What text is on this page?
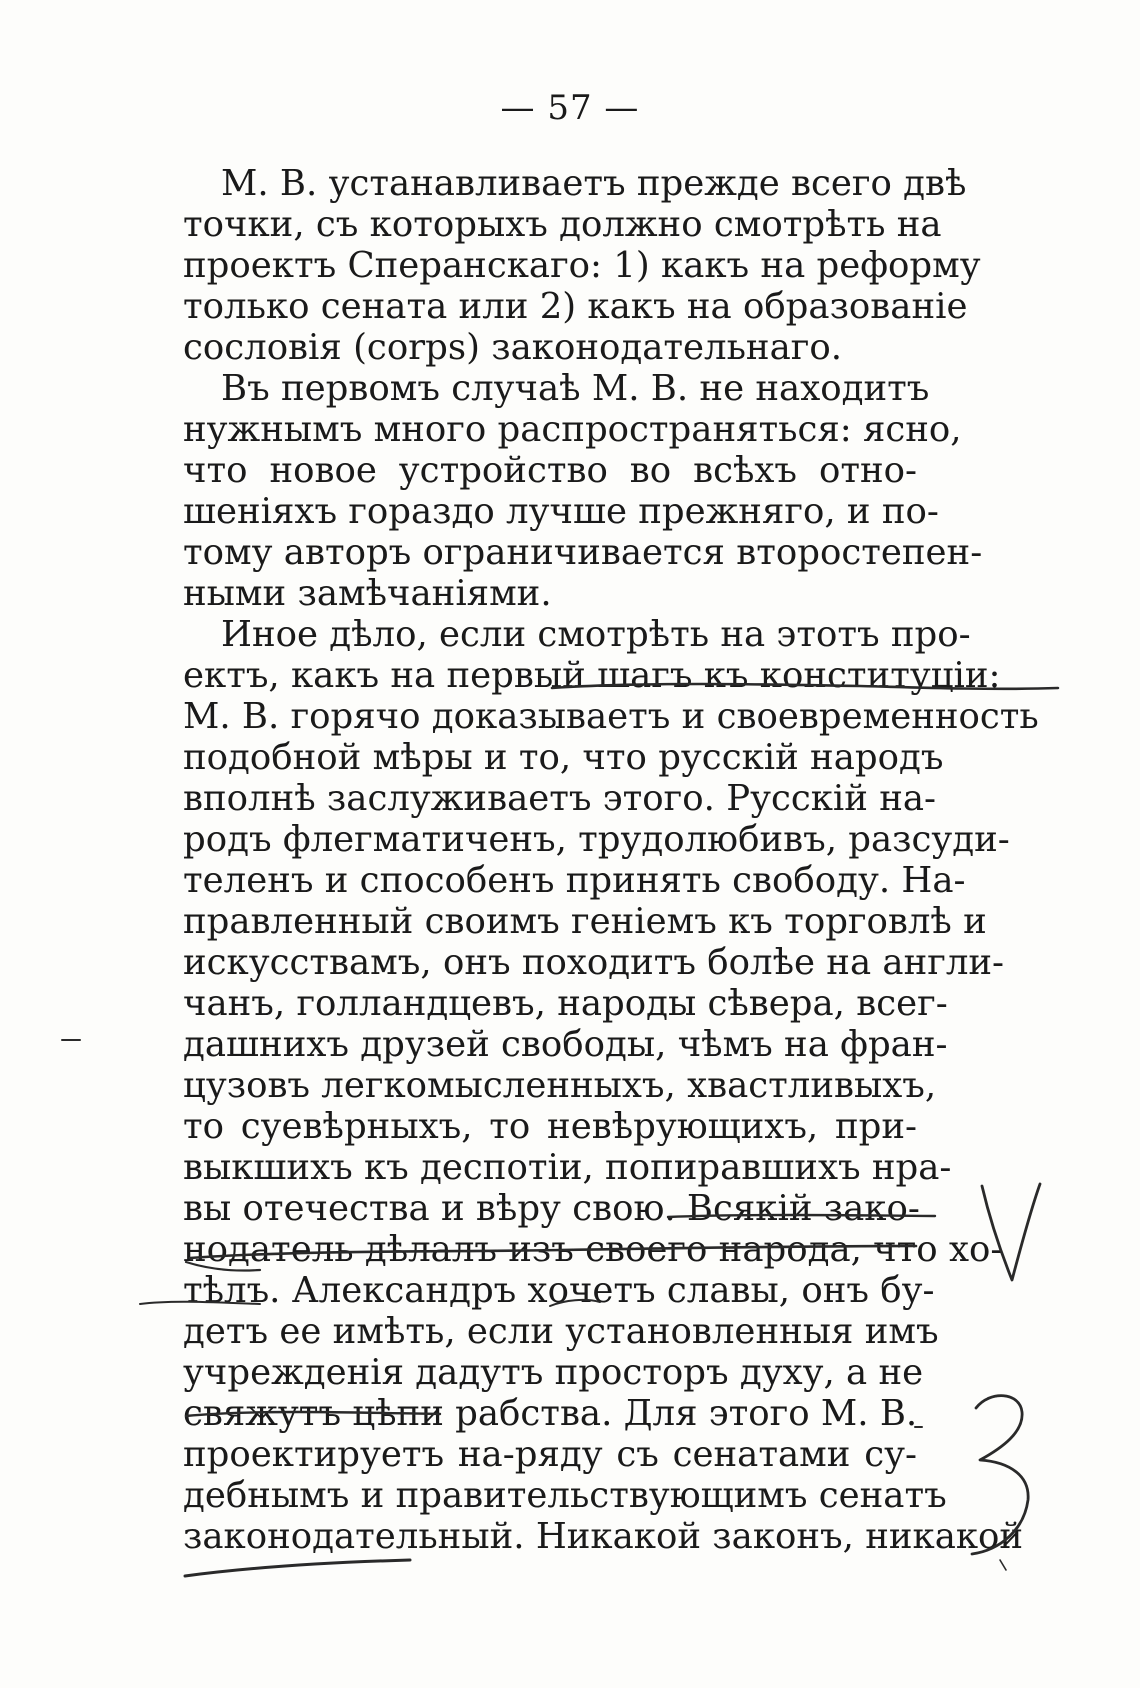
— 57 —
М. В. устанавливаетъ прежде всего двѣ
точки, съ которыхъ должно смотрѣть на
проектъ Сперанскаго: 1) какъ на реформу
только сената или 2) какъ на образованіе
сословія (corps) законодательнаго.
Въ первомъ случаѣ М. В. не находитъ
нужнымъ много распространяться: ясно,
что новое устройство во всѣхъ отно-
шеніяхъ гораздо лучше прежняго, и по-
тому авторъ ограничивается второстепен-
ными замѣчаніями.
Иное дѣло, если смотрѣть на этотъ про-
ектъ, какъ на первый шагъ къ конституціи:
М. В. горячо доказываетъ и своевременность
подобной мѣры и то, что русскій народъ
вполнѣ заслуживаетъ этого. Русскій на-
родъ флегматиченъ, трудолюбивъ, разсуди-
теленъ и способенъ принять свободу. На-
правленный своимъ геніемъ къ торговлѣ и
искусствамъ, онъ походитъ болѣе на англи-
чанъ, голландцевъ, народы сѣвера, всег-
дашнихъ друзей свободы, чѣмъ на фран-
цузовъ легкомысленныхъ, хвастливыхъ,
то суевѣрныхъ, то невѣрующихъ, при-
выкшихъ къ деспотіи, попиравшихъ нра-
вы отечества и вѣру свою. Всякій зако-
нодатель дѣлалъ изъ своего народа, что хо-
тѣлъ. Александръ хочетъ славы, онъ бу-
детъ ее имѣть, если установленныя имъ
учрежденія дадутъ просторъ духу, а не
свяжутъ цѣпи рабства. Для этого М. В.
проектируетъ на-ряду съ сенатами су-
дебнымъ и правительствующимъ сенатъ
законодательный. Никакой законъ, никакой
